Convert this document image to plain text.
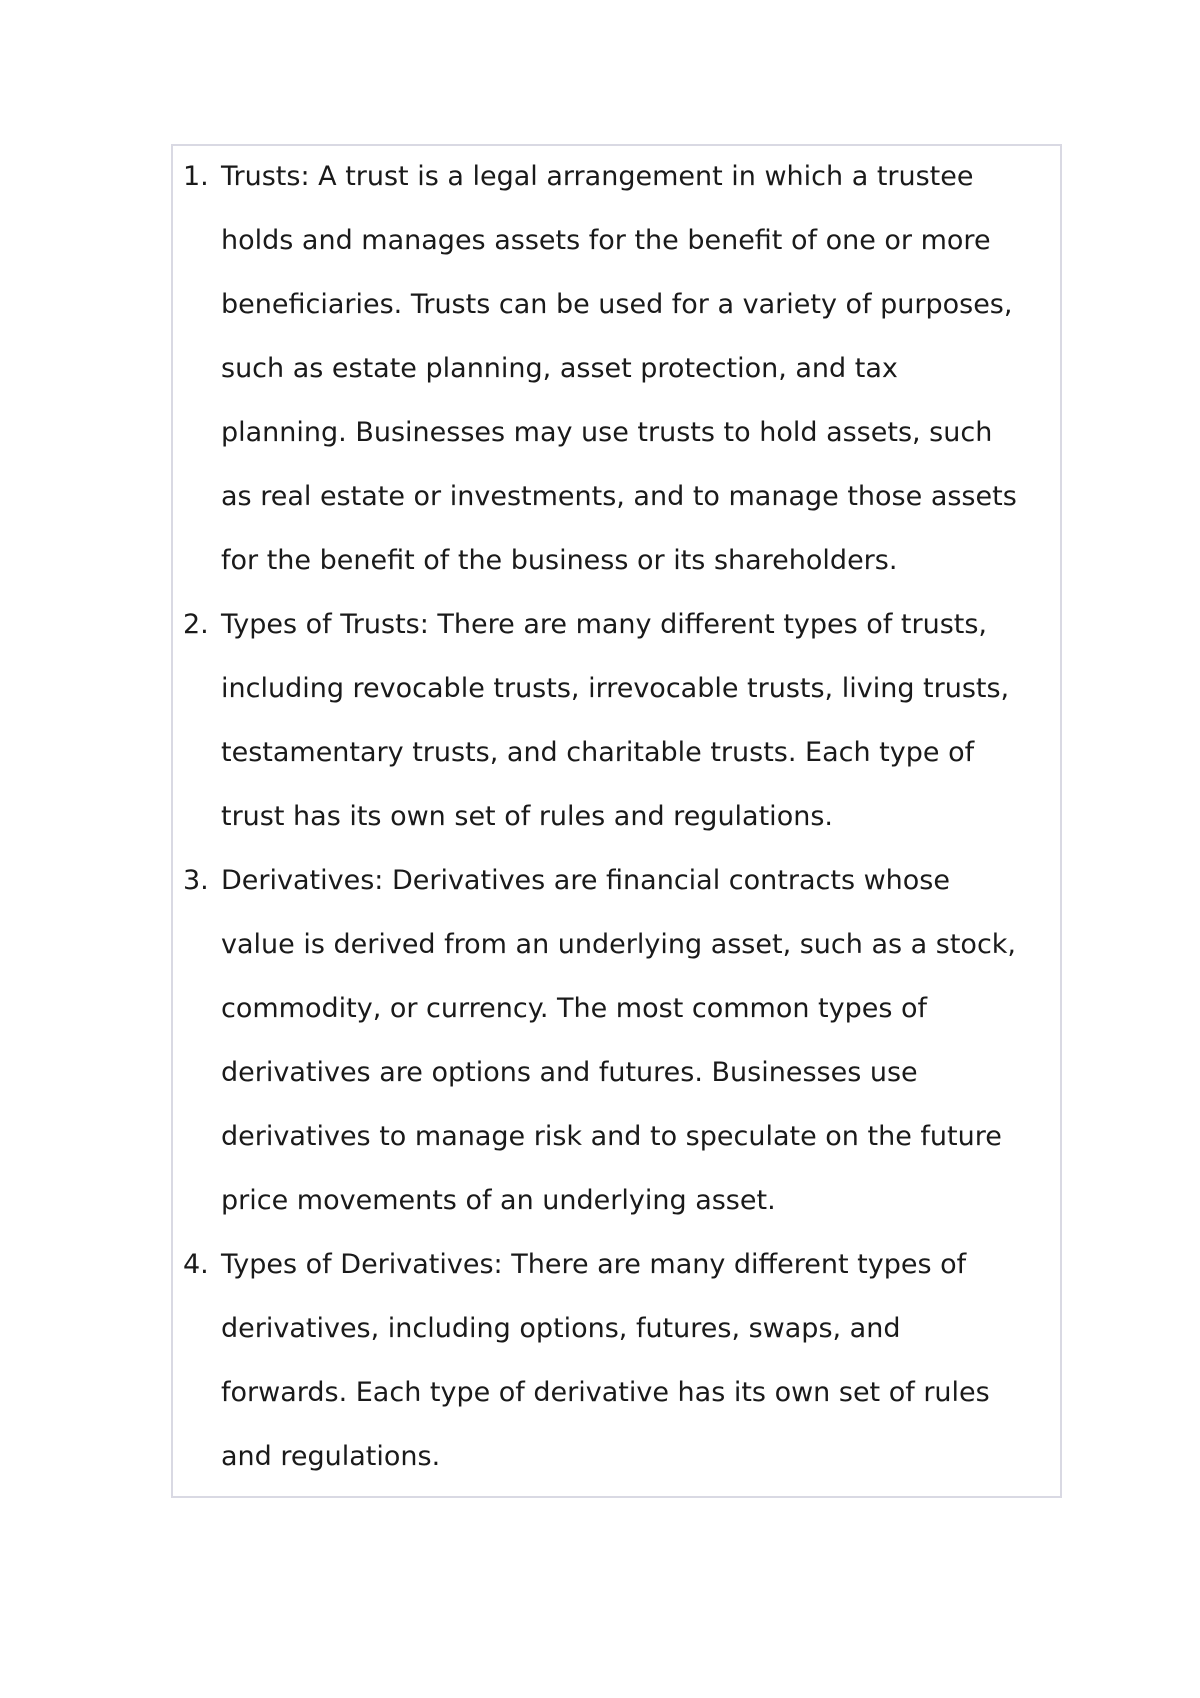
1. Trusts: A trust is a legal arrangement in which a trustee
holds and manages assets for the benefit of one or more
beneficiaries. Trusts can be used for a variety of purposes,
such as estate planning, asset protection, and tax
planning. Businesses may use trusts to hold assets, such
as real estate or investments, and to manage those assets
for the benefit of the business or its shareholders.
2. Types of Trusts: There are many different types of trusts,
including revocable trusts, irrevocable trusts, living trusts,
testamentary trusts, and charitable trusts. Each type of
trust has its own set of rules and regulations.
3. Derivatives: Derivatives are financial contracts whose
value is derived from an underlying asset, such as a stock,
commodity, or currency. The most common types of
derivatives are options and futures. Businesses use
derivatives to manage risk and to speculate on the future
price movements of an underlying asset.
4. Types of Derivatives: There are many different types of
derivatives, including options, futures, swaps, and
forwards. Each type of derivative has its own set of rules
and regulations.
